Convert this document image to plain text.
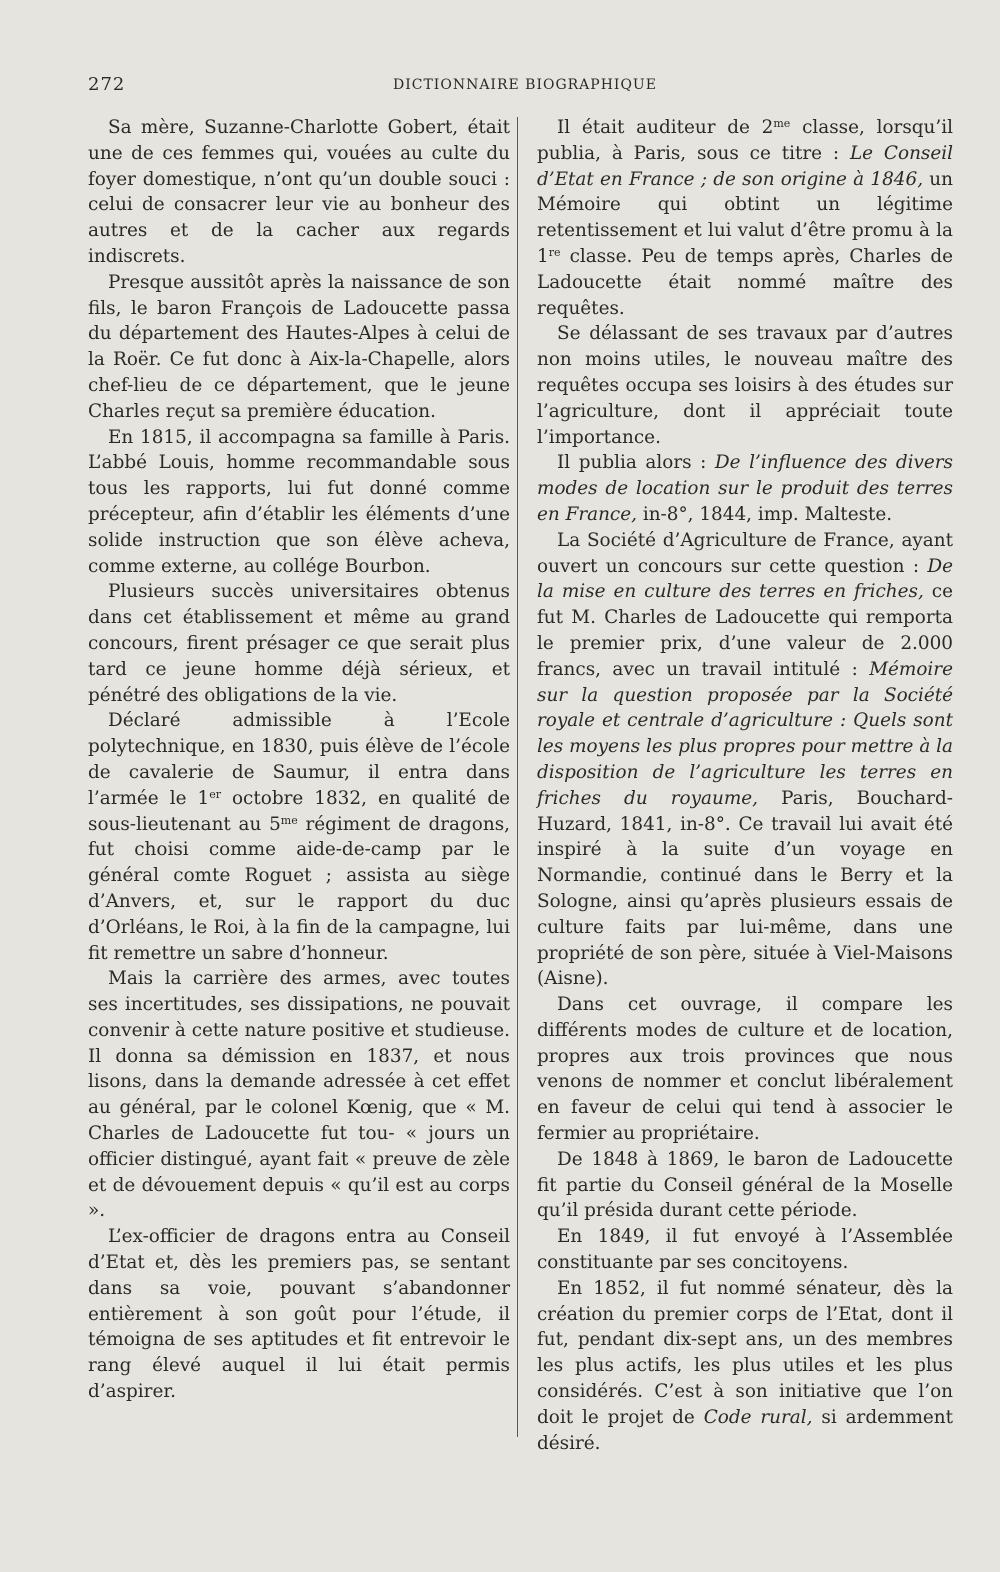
272	DICTIONNAIRE BIOGRAPHIQUE

Sa mère, Suzanne-Charlotte Gobert, était une de ces femmes qui, vouées au culte du foyer domestique, n’ont qu’un double souci : celui de consacrer leur vie au bonheur des autres et de la cacher aux regards indiscrets.

Presque aussitôt après la naissance de son fils, le baron François de Ladoucette passa du département des Hautes-Alpes à celui de la Roër. Ce fut donc à Aix-la-Chapelle, alors chef-lieu de ce département, que le jeune Charles reçut sa première éducation.

En 1815, il accompagna sa famille à Paris. L’abbé Louis, homme recommandable sous tous les rapports, lui fut donné comme précepteur, afin d’établir les éléments d’une solide instruction que son élève acheva, comme externe, au collége Bourbon.

Plusieurs succès universitaires obtenus dans cet établissement et même au grand concours, firent présager ce que serait plus tard ce jeune homme déjà sérieux, et pénétré des obligations de la vie.

Déclaré admissible à l’Ecole polytechnique, en 1830, puis élève de l’école de cavalerie de Saumur, il entra dans l’armée le 1er octobre 1832, en qualité de sous-lieutenant au $5^{me}$ régiment de dragons, fut choisi comme aide-de-camp par le général comte Roguet ; assista au siège d’Anvers, et, sur le rapport du duc d’Orléans, le Roi, à la fin de la campagne, lui fit remettre un sabre d’honneur.

Mais la carrière des armes, avec toutes ses incertitudes, ses dissipations, ne pouvait convenir à cette nature positive et studieuse. Il donna sa démission en 1837, et nous lisons, dans la demande adressée à cet effet au général, par le colonel Kœnig, que « M. Charles de Ladoucette fut tou- « jours un officier distingué, ayant fait « preuve de zèle et de dévouement depuis « qu’il est au corps ».

L’ex-officier de dragons entra au Conseil d’Etat et, dès les premiers pas, se sentant dans sa voie, pouvant s’abandonner entièrement à son goût pour l’étude, il témoigna de ses aptitudes et fit entrevoir le rang élevé auquel il lui était permis d’aspirer.

Il était auditeur de $2^{me}$ classe, lorsqu’il publia, à Paris, sous ce titre : Le Conseil d’Etat en France ; de son origine à 1846, un Mémoire qui obtint un légitime retentissement et lui valut d’être promu à la 1re classe. Peu de temps après, Charles de Ladoucette était nommé maître des requêtes.

Se délassant de ses travaux par d’autres non moins utiles, le nouveau maître des requêtes occupa ses loisirs à des études sur l’agriculture, dont il appréciait toute l’importance.

Il publia alors : De l’influence des divers modes de location sur le produit des terres en France, in-8°, 1844, imp. Malteste.

La Société d’Agriculture de France, ayant ouvert un concours sur cette question : De la mise en culture des terres en friches, ce fut M. Charles de Ladoucette qui remporta le premier prix, d’une valeur de 2.000 francs, avec un travail intitulé : Mémoire sur la question proposée par la Société royale et centrale d’agriculture : Quels sont les moyens les plus propres pour mettre à la disposition de l’agriculture les terres en friches du royaume, Paris, Bouchard-Huzard, 1841, in-8°. Ce travail lui avait été inspiré à la suite d’un voyage en Normandie, continué dans le Berry et la Sologne, ainsi qu’après plusieurs essais de culture faits par lui-même, dans une propriété de son père, située à Viel-Maisons (Aisne).

Dans cet ouvrage, il compare les différents modes de culture et de location, propres aux trois provinces que nous venons de nommer et conclut libéralement en faveur de celui qui tend à associer le fermier au propriétaire.

De 1848 à 1869, le baron de Ladoucette fit partie du Conseil général de la Moselle qu’il présida durant cette période.

En 1849, il fut envoyé à l’Assemblée constituante par ses concitoyens.

En 1852, il fut nommé sénateur, dès la création du premier corps de l’Etat, dont il fut, pendant dix-sept ans, un des membres les plus actifs, les plus utiles et les plus considérés. C’est à son initiative que l’on doit le projet de Code rural, si ardemment désiré.
